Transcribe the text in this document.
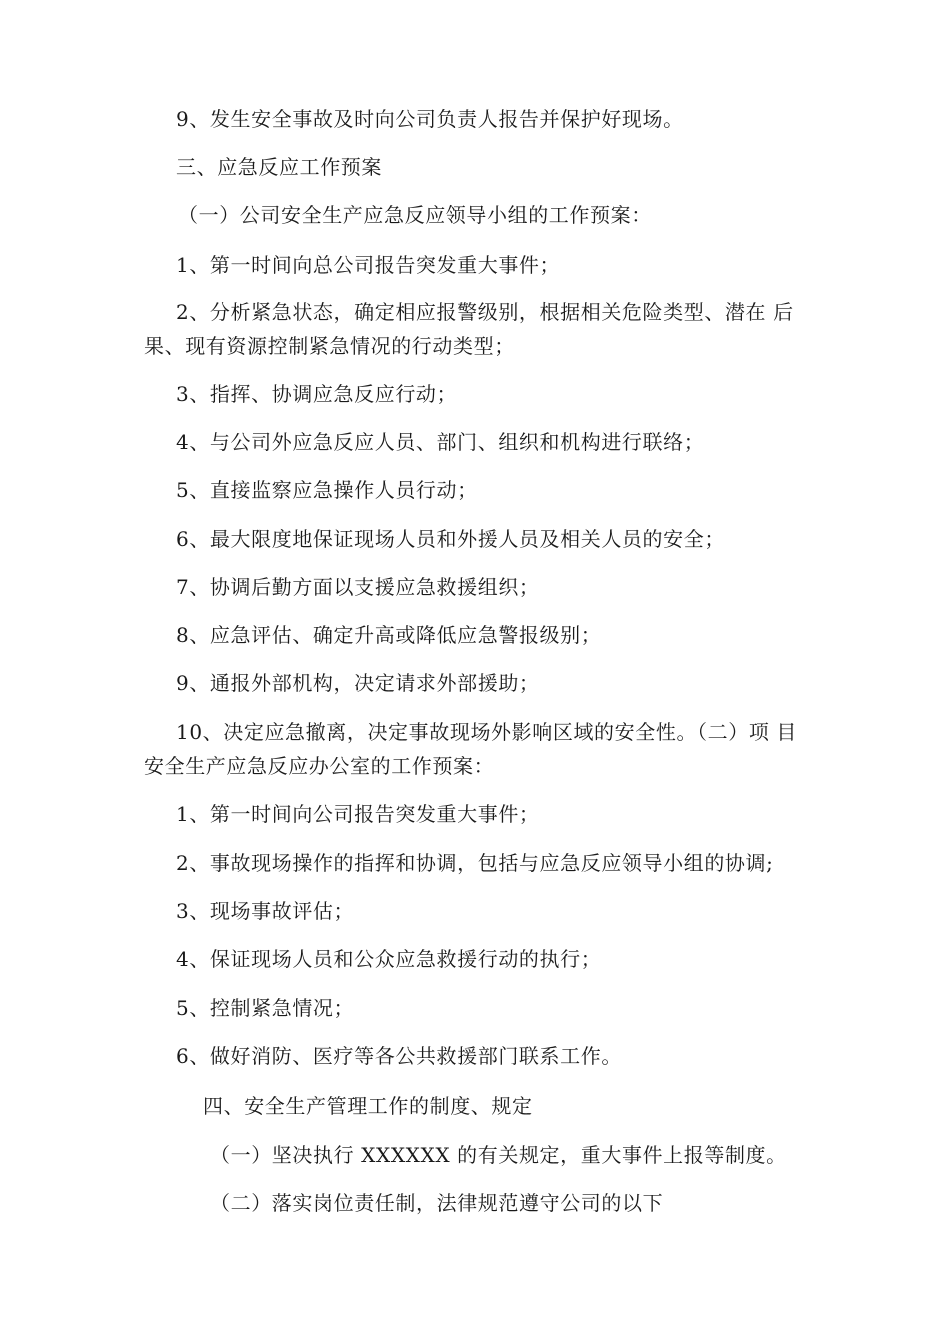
9、发生安全事故及时向公司负责人报告并保护好现场。
三、应急反应工作预案
（一）公司安全生产应急反应领导小组的工作预案：
1、第一时间向总公司报告突发重大事件；
2、分析紧急状态，确定相应报警级别，根据相关危险类型、潜在 后
果、现有资源控制紧急情况的行动类型；
3、指挥、协调应急反应行动；
4、与公司外应急反应人员、部门、组织和机构进行联络；
5、直接监察应急操作人员行动；
6、最大限度地保证现场人员和外援人员及相关人员的安全；
7、协调后勤方面以支援应急救援组织；
8、应急评估、确定升高或降低应急警报级别；
9、通报外部机构，决定请求外部援助；
10、决定应急撤离，决定事故现场外影响区域的安全性。（二）项 目
安全生产应急反应办公室的工作预案：
1、第一时间向公司报告突发重大事件；
2、事故现场操作的指挥和协调，包括与应急反应领导小组的协调;
3、现场事故评估；
4、保证现场人员和公众应急救援行动的执行；
5、控制紧急情况；
6、做好消防、医疗等各公共救援部门联系工作。
四、安全生产管理工作的制度、规定
（一）坚决执行 XXXXXX 的有关规定，重大事件上报等制度。
（二）落实岗位责任制，法律规范遵守公司的以下
